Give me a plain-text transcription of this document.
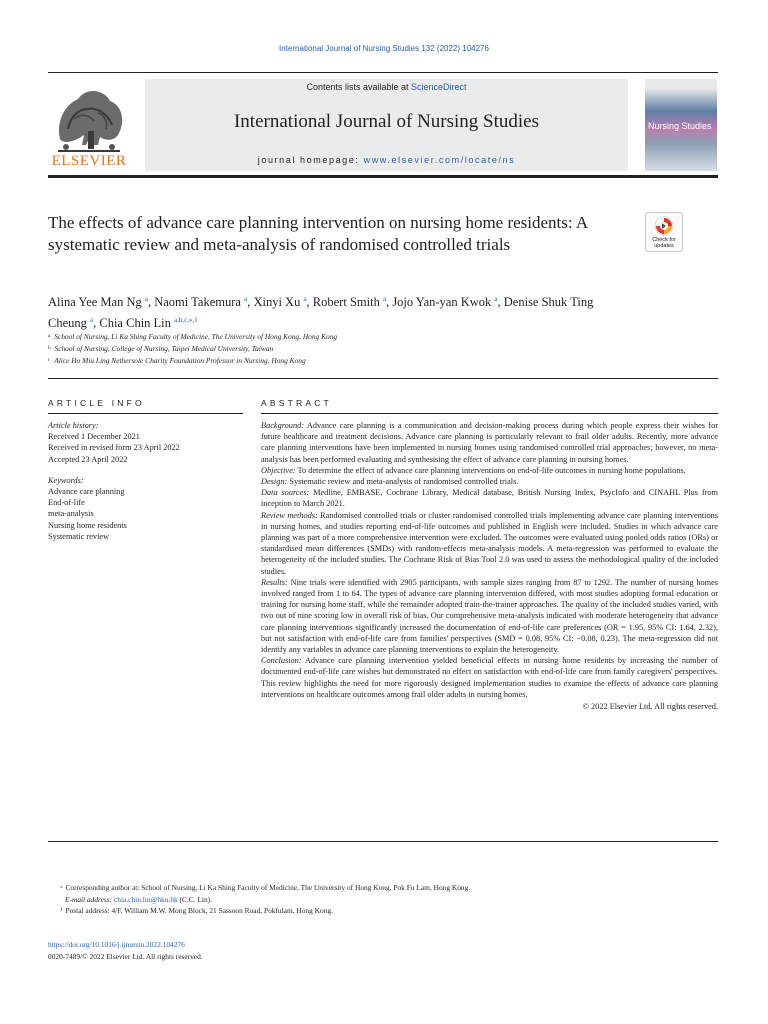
International Journal of Nursing Studies 132 (2022) 104276
ELSEVIER
Contents lists available at ScienceDirect
International Journal of Nursing Studies
journal homepage: www.elsevier.com/locate/ns
Nursing Studies
The effects of advance care planning intervention on nursing home residents: A systematic review and meta-analysis of randomised controlled trials	Check for updates
Alina Yee Man Ng $^a$, Naomi Takemura $^a$, Xinyi Xu $^a$, Robert Smith $^a$, Jojo Yan-yan Kwok $^a$, Denise Shuk Ting Cheung $^a$, Chia Chin Lin $^{a,b,c,⁎,1}$
$^a$ School of Nursing, Li Ka Shing Faculty of Medicine, The University of Hong Kong, Hong Kong
$^b$ School of Nursing, College of Nursing, Taipei Medical University, Taiwan
$^c$ Alice Ho Miu Ling Nethersole Charity Foundation Professor in Nursing, Hong Kong
ARTICLE INFO	ABSTRACT
Article history:
Received 1 December 2021
Received in revised form 23 April 2022
Accepted 23 April 2022
Keywords:
Advance care planning
End-of-life
meta-analysis
Nursing home residents
Systematic review

Background: Advance care planning is a communication and decision-making process during which people express their wishes for future healthcare and treatment decisions. Advance care planning is particularly relevant to frail older adults. Recently, more advance care planning interventions have been implemented in nursing homes using randomised controlled trial approaches; however, no meta-analysis has been performed evaluating and synthesising the effect of advance care planning in nursing homes.

Objective: To determine the effect of advance care planning interventions on end-of-life outcomes in nursing home populations.

Design: Systematic review and meta-analysis of randomised controlled trials.

Data sources: Medline, EMBASE, Cochrane Library, Medical database, British Nursing Index, PsycInfo and CINAHL Plus from inception to March 2021.

Review methods: Randomised controlled trials or cluster randomised controlled trials implementing advance care planning interventions in nursing homes, and studies reporting end-of-life outcomes and published in English were included. Studies in which advance care planning was part of a more comprehensive intervention were excluded. The outcomes were evaluated using pooled odds ratios (ORs) or standardised mean differences (SMDs) with random-effects meta-analysis models. A meta-regression was performed to evaluate the heterogeneity of the included studies. The Cochrane Risk of Bias Tool 2.0 was used to assess the methodological quality of the included studies.

Results: Nine trials were identified with 2905 participants, with sample sizes ranging from 87 to 1292. The number of nursing homes involved ranged from 1 to 64. The types of advance care planning intervention differed, with most studies adopting formal education or training for nursing home staff, while the remainder adopted train-the-trainer approaches. The quality of the included studies varied, with two out of nine scoring low in overall risk of bias. Our comprehensive meta-analysis indicated with moderate heterogeneity that advance care planning interventions significantly increased the documentation of end-of-life care preferences (OR = 1.95, 95% CI: 1.64, 2.32), but not satisfaction with end-of-life care from families' perspectives (SMD = 0.08, 95% CI: −0.08, 0.23). The meta-regression did not identify any variables in advance care planning interventions to explain the heterogeneity.

Conclusion: Advance care planning intervention yielded beneficial effects in nursing home residents by increasing the number of documented end-of-life care wishes but demonstrated no effect on satisfaction with end-of-life care from family caregivers' perspectives. This review highlights the need for more rigorously designed implementation studies to examine the effects of advance care planning interventions on healthcare outcomes among frail older adults in nursing homes.

© 2022 Elsevier Ltd. All rights reserved.
⁎ Corresponding author at: School of Nursing, Li Ka Shing Faculty of Medicine, The University of Hong Kong, Pok Fu Lam, Hong Kong.
E-mail address: chia.chin.lin@hku.hk (C.C. Lin).
$^1$ Postal address: 4/F, William M.W. Mong Block, 21 Sassoon Road, Pokfulam, Hong Kong.
https://doi.org/10.1016/j.ijnurstu.2022.104276
0020-7489/© 2022 Elsevier Ltd. All rights reserved.
